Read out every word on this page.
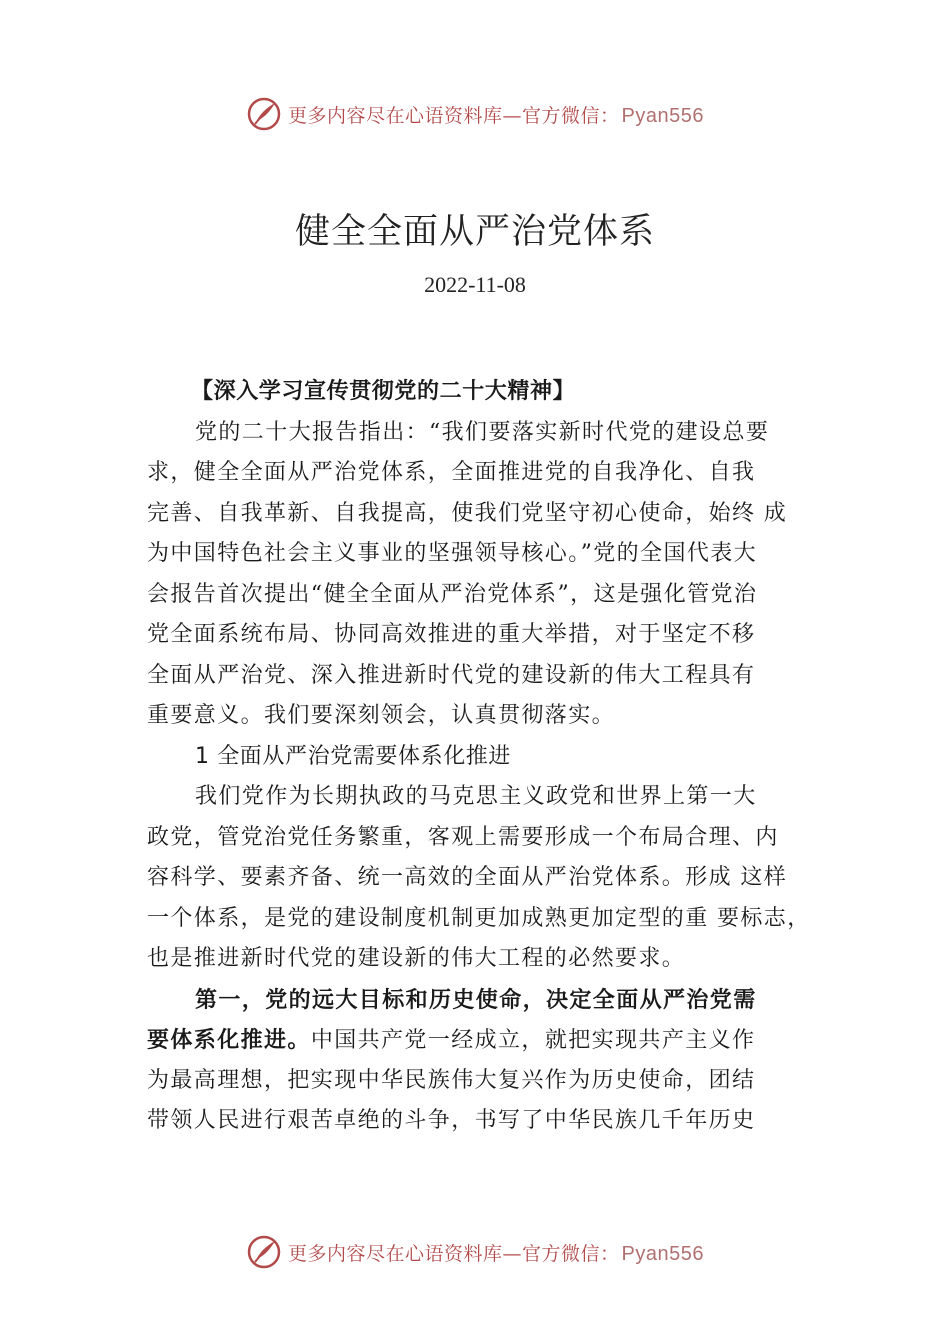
更多内容尽在心语资料库—官方微信： Pyan556
健全全面从严治党体系
2022-11-08
【深入学习宣传贯彻党的二十大精神】
党的二十大报告指出：“我们要落实新时代党的建设总要
求，健全全面从严治党体系，全面推进党的自我净化、自我
完善、自我革新、自我提高，使我们党坚守初心使命，始终 成
为中国特色社会主义事业的坚强领导核心。”党的全国代表大
会报告首次提出“健全全面从严治党体系”，这是强化管党治
党全面系统布局、协同高效推进的重大举措，对于坚定不移
全面从严治党、深入推进新时代党的建设新的伟大工程具有
重要意义。我们要深刻领会，认真贯彻落实。
1 全面从严治党需要体系化推进
我们党作为长期执政的马克思主义政党和世界上第一大
政党，管党治党任务繁重，客观上需要形成一个布局合理、内
容科学、要素齐备、统一高效的全面从严治党体系。形成 这样
一个体系，是党的建设制度机制更加成熟更加定型的重 要标志，
也是推进新时代党的建设新的伟大工程的必然要求。
第一，党的远大目标和历史使命，决定全面从严治党需
要体系化推进。中国共产党一经成立，就把实现共产主义作
为最高理想，把实现中华民族伟大复兴作为历史使命，团结
带领人民进行艰苦卓绝的斗争，书写了中华民族几千年历史
更多内容尽在心语资料库—官方微信： Pyan556
